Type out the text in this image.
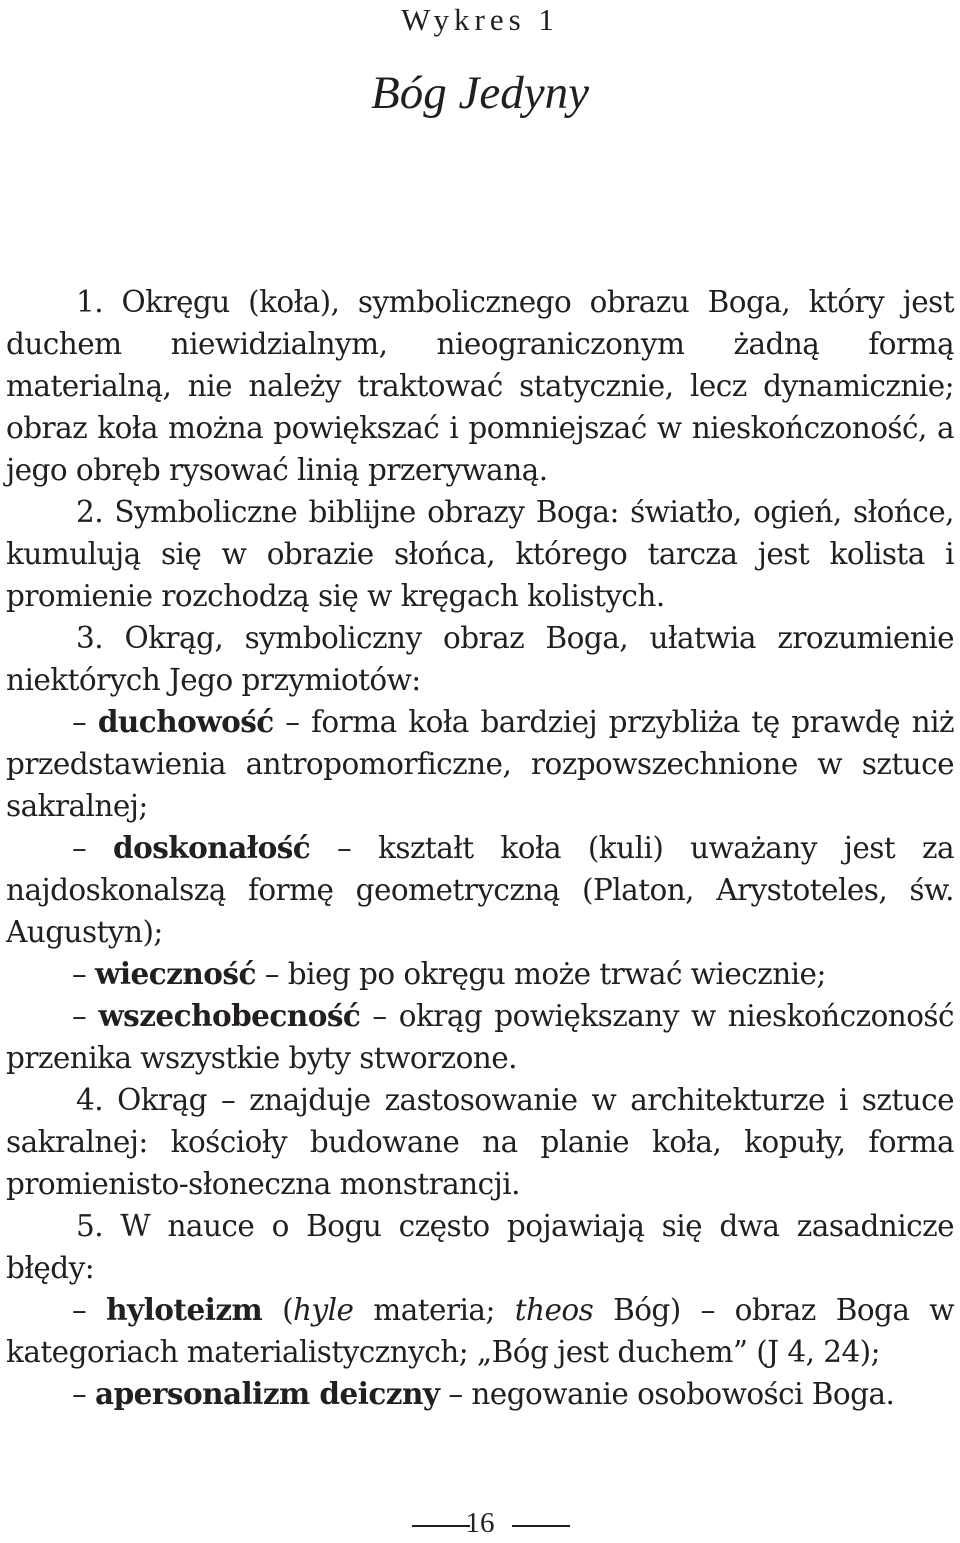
Wykres 1
Bóg Jedyny

1. Okręgu (koła), symbolicznego obrazu Boga, który jest duchem niewidzialnym, nieograniczonym żadną formą materialną, nie należy traktować statycznie, lecz dynamicznie; obraz koła można powiększać i pomniejszać w nieskończoność, a jego obręb rysować linią przerywaną.

2. Symboliczne biblijne obrazy Boga: światło, ogień, słońce, kumulują się w obrazie słońca, którego tarcza jest kolista i promienie rozchodzą się w kręgach kolistych.

3. Okrąg, symboliczny obraz Boga, ułatwia zrozumienie niektórych Jego przymiotów:

– duchowość – forma koła bardziej przybliża tę prawdę niż przedstawienia antropomorficzne, rozpowszechnione w sztuce sakralnej;

– doskonałość – kształt koła (kuli) uważany jest za najdoskonalszą formę geometryczną (Platon, Arystoteles, św. Augustyn);

– wieczność – bieg po okręgu może trwać wiecznie;

– wszechobecność – okrąg powiększany w nieskończoność przenika wszystkie byty stworzone.

4. Okrąg – znajduje zastosowanie w architekturze i sztuce sakralnej: kościoły budowane na planie koła, kopuły, forma promienisto-słoneczna monstrancji.

5. W nauce o Bogu często pojawiają się dwa zasadnicze błędy:

– hyloteizm (hyle materia; theos Bóg) – obraz Boga w kategoriach materialistycznych; „Bóg jest duchem” (J 4, 24);

– apersonalizm deiczny – negowanie osobowości Boga.

16
